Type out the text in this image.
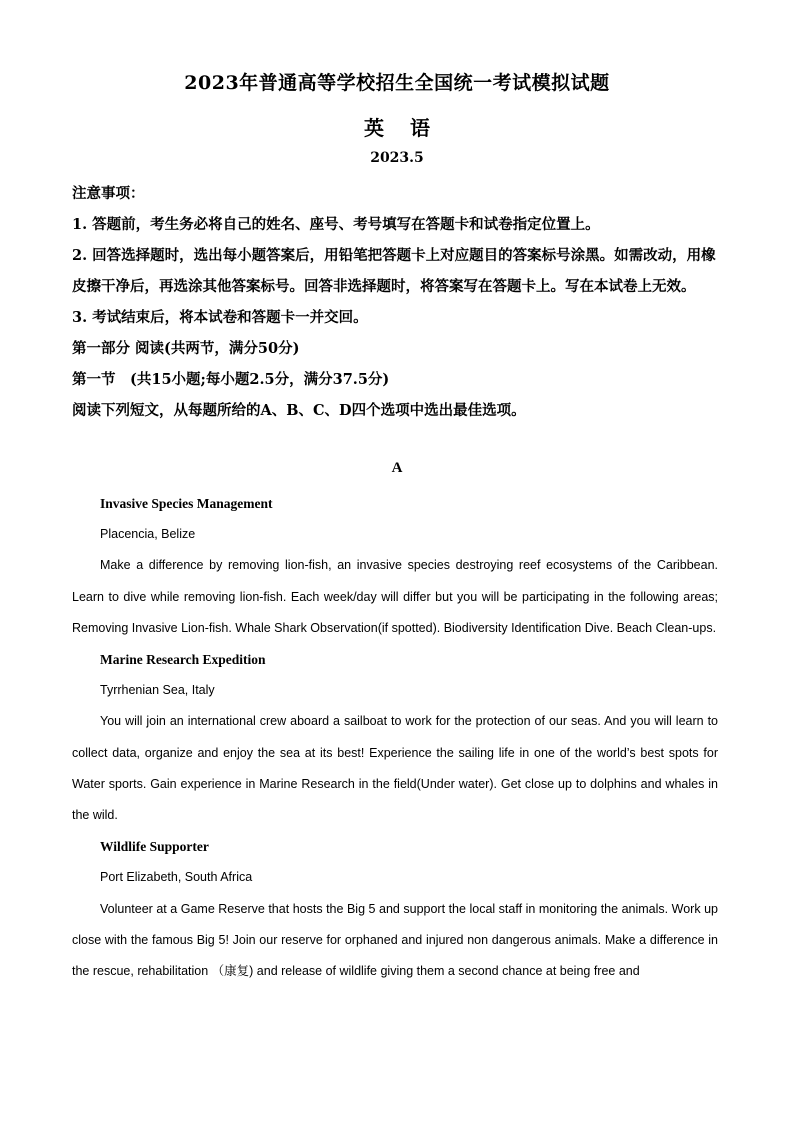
2023年普通高等学校招生全国统一考试模拟试题
英语
2023.5

注意事项：

1. 答题前，考生务必将自己的姓名、座号、考号填写在答题卡和试卷指定位置上。

2. 回答选择题时，选出每小题答案后，用铅笔把答题卡上对应题目的答案标号涂黑。如需改动，用橡皮擦干净后，再选涂其他答案标号。回答非选择题时，将答案写在答题卡上。写在本试卷上无效。

3. 考试结束后，将本试卷和答题卡一并交回。

第一部分 阅读(共两节，满分50分)

第一节　(共15小题;每小题2.5分，满分37.5分)

阅读下列短文，从每题所给的A、B、C、D四个选项中选出最佳选项。

A

Invasive Species Management

Placencia, Belize

Make a difference by removing lion-fish, an invasive species destroying reef ecosystems of the Caribbean. Learn to dive while removing lion-fish. Each week/day will differ but you will be participating in the following areas; Removing Invasive Lion-fish. Whale Shark Observation(if spotted). Biodiversity Identification Dive. Beach Clean-ups.

Marine Research Expedition

Tyrrhenian Sea, Italy

You will join an international crew aboard a sailboat to work for the protection of our seas. And you will learn to collect data, organize and enjoy the sea at its best! Experience the sailing life in one of the world’s best spots for Water sports. Gain experience in Marine Research in the field(Under water). Get close up to dolphins and whales in the wild.

Wildlife Supporter

Port Elizabeth, South Africa

Volunteer at a Game Reserve that hosts the Big 5 and support the local staff in monitoring the animals. Work up close with the famous Big 5! Join our reserve for orphaned and injured non dangerous animals. Make a difference in the rescue, rehabilitation （康复) and release of wildlife giving them a second chance at being free and
